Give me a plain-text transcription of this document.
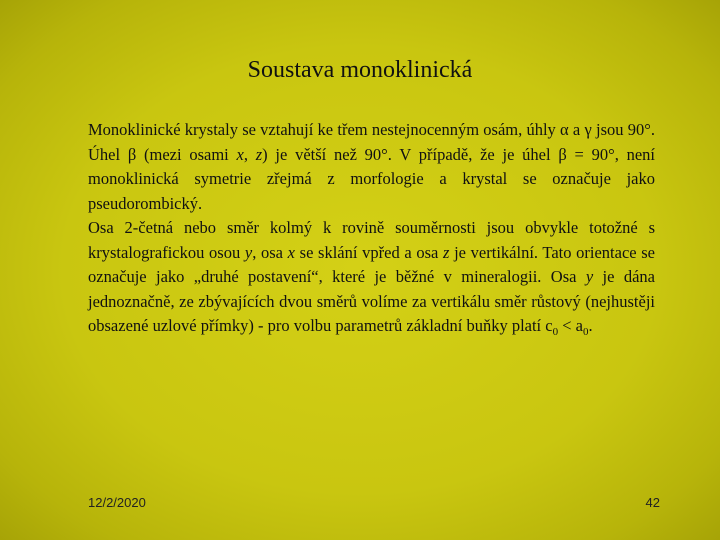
Soustava monoklinická

Monoklinické krystaly se vztahují ke třem nestejnocenným osám, úhly α a γ jsou 90°. Úhel β (mezi osami x, z) je větší než 90°. V případě, že je úhel β = 90°, není monoklinická symetrie zřejmá z morfologie a krystal se označuje jako pseudorombický.

Osa 2-četná nebo směr kolmý k rovině souměrnosti jsou obvykle totožné s krystalografickou osou y, osa x se sklání vpřed a osa z je vertikální. Tato orientace se označuje jako „druhé postavení“, které je běžné v mineralogii. Osa y je dána jednoznačně, ze zbývajících dvou směrů volíme za vertikálu směr růstový (nejhustěji obsazené uzlové přímky) - pro volbu parametrů základní buňky platí $c_0 < a_0$.

12/2/2020	42
